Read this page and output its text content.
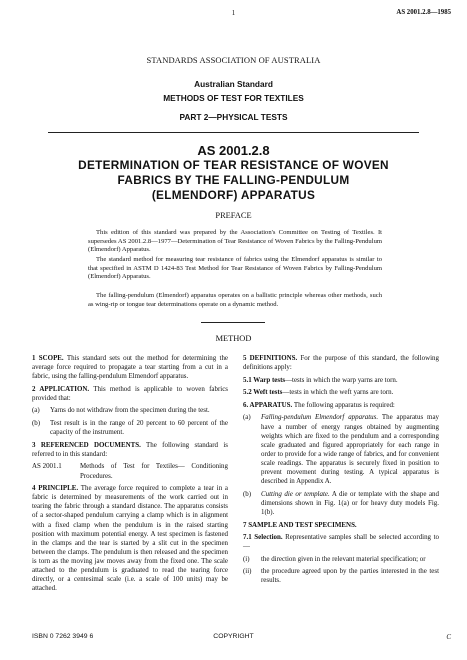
1	AS 2001.2.8—1985
STANDARDS ASSOCIATION OF AUSTRALIA
Australian Standard
METHODS OF TEST FOR TEXTILES
PART 2—PHYSICAL TESTS
AS 2001.2.8
DETERMINATION OF TEAR RESISTANCE OF WOVEN
FABRICS BY THE FALLING-PENDULUM
(ELMENDORF) APPARATUS
PREFACE
This edition of this standard was prepared by the Association's Committee on Testing of Textiles. It supersedes AS 2001.2.8—1977—Determination of Tear Resistance of Woven Fabrics by the Falling-Pendulum (Elmendorf) Apparatus.
The standard method for measuring tear resistance of fabrics using the Elmendorf apparatus is similar to that specified in ASTM D 1424-83 Test Method for Tear Resistance of Woven Fabrics by Falling-Pendulum (Elmendorf) Apparatus.
The falling-pendulum (Elmendorf) apparatus operates on a ballistic principle whereas other methods, such as wing-rip or tongue tear determinations operate on a dynamic method.
METHOD

1 SCOPE. This standard sets out the method for determining the average force required to propagate a tear starting from a cut in a fabric, using the falling-pendulum Elmendorf apparatus.

2 APPLICATION. This method is applicable to woven fabrics provided that:

(a)	Yarns do not withdraw from the specimen during the test.
(b)	Test result is in the range of 20 percent to 60 percent of the capacity of the instrument.

3 REFERENCED DOCUMENTS. The following standard is referred to in this standard:

AS 2001.1	Methods of Test for Textiles— Conditioning Procedures.

4 PRINCIPLE. The average force required to complete a tear in a fabric is determined by measurements of the work carried out in tearing the fabric through a standard distance. The apparatus consists of a sector-shaped pendulum carrying a clamp which is in alignment with a fixed clamp when the pendulum is in the raised starting position with maximum potential energy. A test specimen is fastened in the clamps and the tear is started by a slit cut in the specimen between the clamps. The pendulum is then released and the specimen is torn as the moving jaw moves away from the fixed one. The scale attached to the pendulum is graduated to read the tearing force directly, or a centesimal scale (i.e. a scale of 100 units) may be attached.

5 DEFINITIONS. For the purpose of this standard, the following definitions apply:

5.1 Warp tests—tests in which the warp yarns are torn.

5.2 Weft tests—tests in which the weft yarns are torn.

6. APPARATUS. The following apparatus is required:

(a)	Falling-pendulum Elmendorf apparatus. The apparatus may have a number of energy ranges obtained by augmenting weights which are fixed to the pendulum and a corresponding scale graduated and figured appropriately for each range in order to provide for a wide range of fabrics, and for convenient scale readings. The apparatus is securely fixed in position to prevent movement during testing. A typical apparatus is described in Appendix A.
(b)	Cutting die or template. A die or template with the shape and dimensions shown in Fig. 1(a) or for heavy duty models Fig. 1(b).

7 SAMPLE AND TEST SPECIMENS.

7.1 Selection. Representative samples shall be selected according to—

(i)	the direction given in the relevant material specification; or
(ii)	the procedure agreed upon by the parties interested in the test results.
ISBN 0 7262 3949 6	COPYRIGHT	C
